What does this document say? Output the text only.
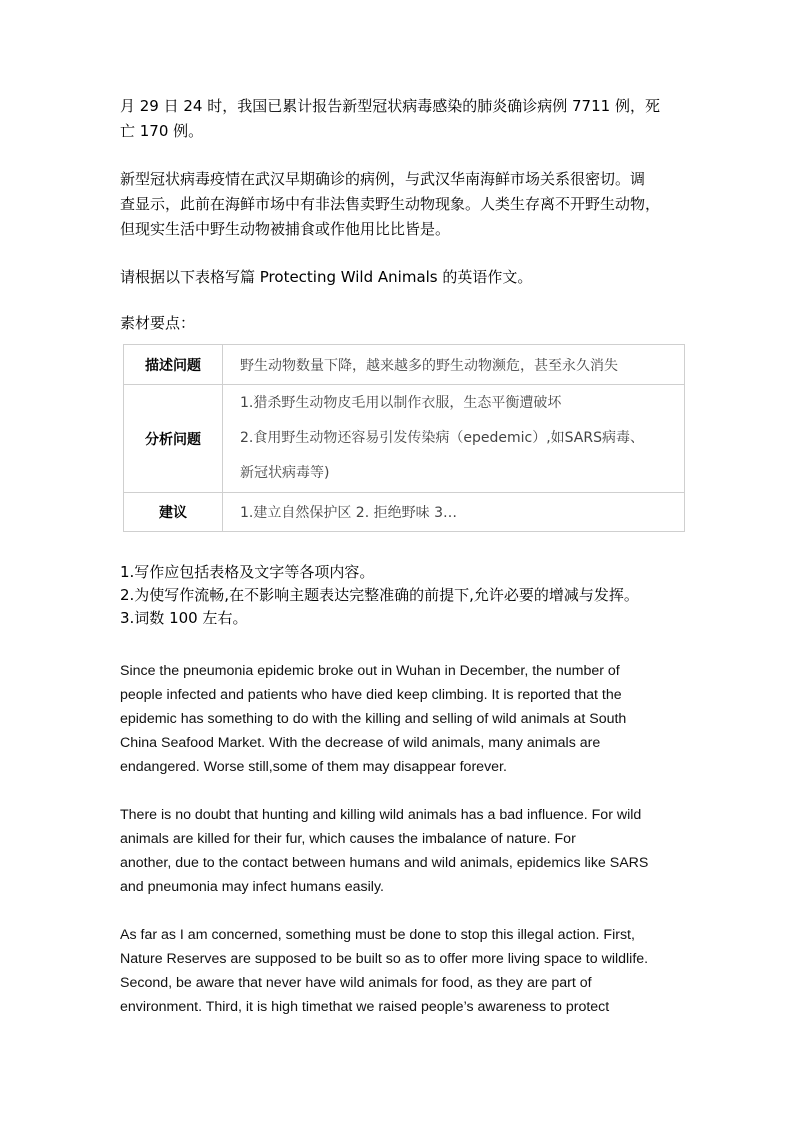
月 29 日 24 时，我国已累计报告新型冠状病毒感染的肺炎确诊病例 7711 例，死
亡 170 例。

新型冠状病毒疫情在武汉早期确诊的病例，与武汉华南海鲜市场关系很密切。调
查显示，此前在海鲜市场中有非法售卖野生动物现象。人类生存离不开野生动物，
但现实生活中野生动物被捕食或作他用比比皆是。

请根据以下表格写篇 Protecting Wild Animals 的英语作文。

素材要点：

描述问题	野生动物数量下降，越来越多的野生动物濒危，甚至永久消失
分析问题	1.猎杀野生动物皮毛用以制作衣服，生态平衡遭破坏
2.食用野生动物还容易引发传染病（epedemic）,如SARS病毒、
新冠状病毒等)

建议	1.建立自然保护区 2. 拒绝野味 3…
1.写作应包括表格及文字等各项内容。
2.为使写作流畅,在不影响主题表达完整准确的前提下,允许必要的增减与发挥。
3.词数 100 左右。
Since the pneumonia epidemic broke out in Wuhan in December, the number of
people infected and patients who have died keep climbing. It is reported that the
epidemic has something to do with the killing and selling of wild animals at South
China Seafood Market. With the decrease of wild animals, many animals are
endangered. Worse still,some of them may disappear forever.
There is no doubt that hunting and killing wild animals has a bad influence. For wild
animals are killed for their fur, which causes the imbalance of nature. For
another, due to the contact between humans and wild animals, epidemics like SARS
and pneumonia may infect humans easily.
As far as I am concerned, something must be done to stop this illegal action. First,
Nature Reserves are supposed to be built so as to offer more living space to wildlife.
Second, be aware that never have wild animals for food, as they are part of
environment. Third, it is high timethat we raised people’s awareness to protect
